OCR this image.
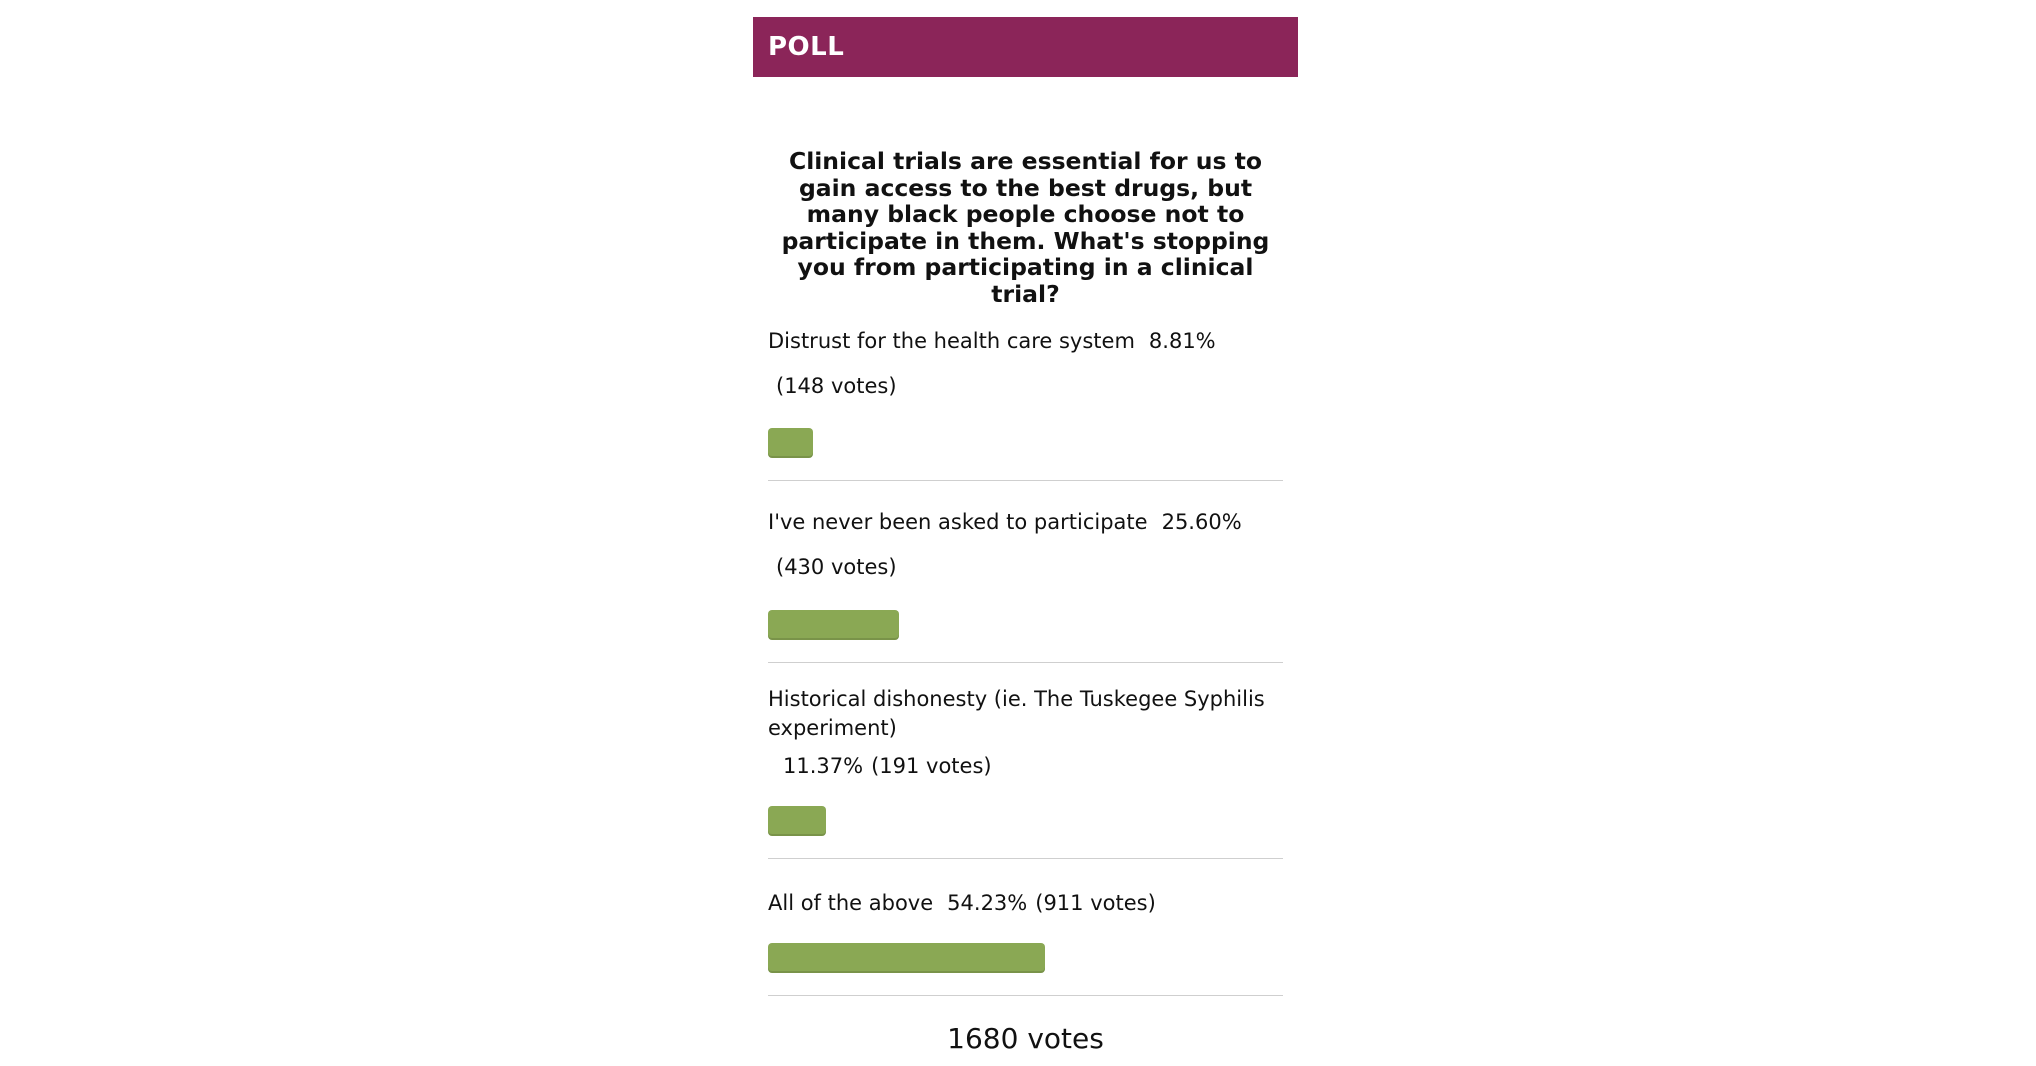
POLL
Clinical trials are essential for us to gain access to the best drugs, but many black people choose not to participate in them. What's stopping you from participating in a clinical trial?
Distrust for the health care system 8.81%
(148 votes)
I've never been asked to participate 25.60%
(430 votes)
Historical dishonesty (ie. The Tuskegee Syphilis
experiment)
11.37% (191 votes)
All of the above 54.23% (911 votes)
1680 votes
